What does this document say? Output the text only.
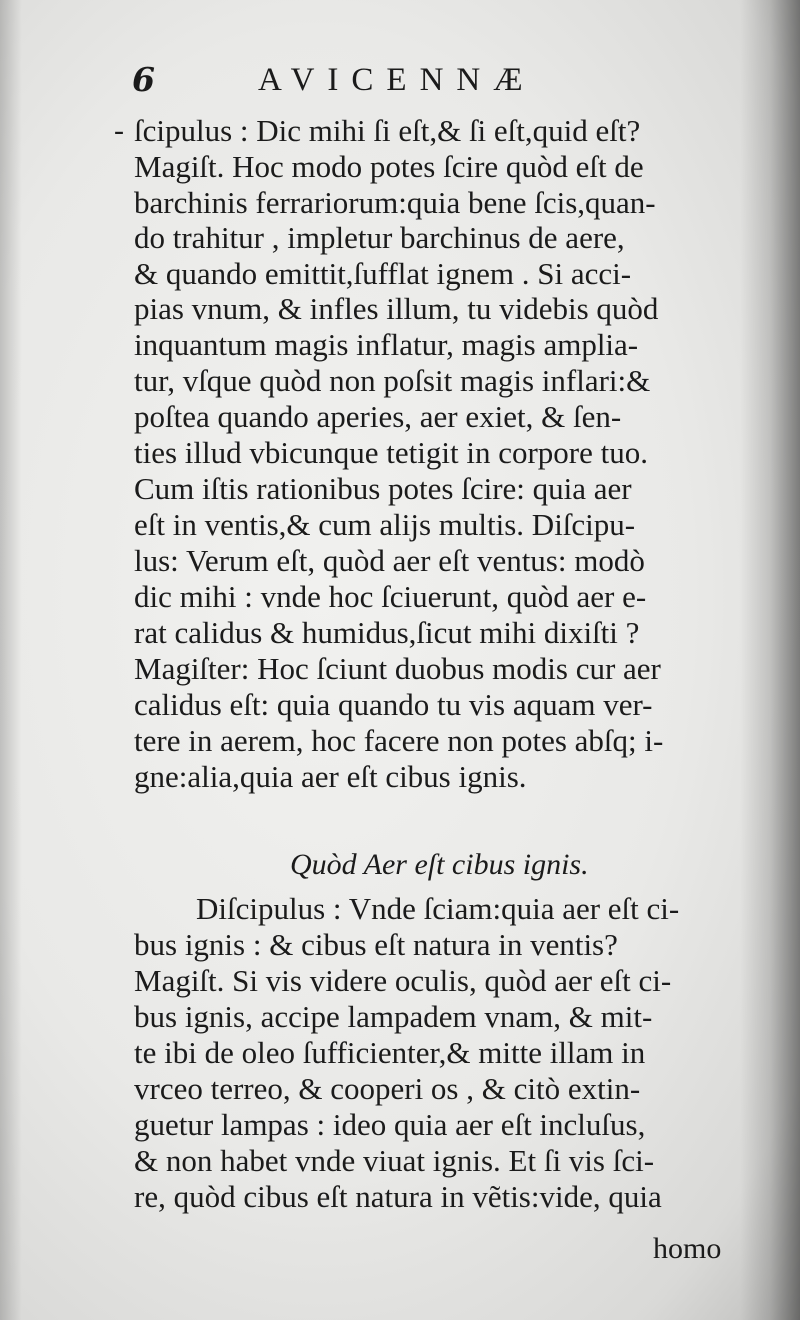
6	AVICENNÆ
- ſcipulus : Dic mihi ſi eſt,& ſi eſt,quid eſt?
Magiſt. Hoc modo potes ſcire quòd eſt de
barchinis ferrariorum:quia bene ſcis,quan-
do trahitur , impletur barchinus de aere,
& quando emittit,ſufflat ignem . Si acci-
pias vnum, & infles illum, tu videbis quòd
inquantum magis inflatur, magis amplia-
tur, vſque quòd non poſsit magis inflari:&
poſtea quando aperies, aer exiet, & ſen-
ties illud vbicunque tetigit in corpore tuo.
Cum iſtis rationibus potes ſcire: quia aer
eſt in ventis,& cum alijs multis. Diſcipu-
lus: Verum eſt, quòd aer eſt ventus: modò
dic mihi : vnde hoc ſciuerunt, quòd aer e-
rat calidus & humidus,ſicut mihi dixiſti ?
Magiſter: Hoc ſciunt duobus modis cur aer
calidus eſt: quia quando tu vis aquam ver-
tere in aerem, hoc facere non potes abſq; i-
gne:alia,quia aer eſt cibus ignis.
Quòd Aer eſt cibus ignis.
Diſcipulus : Vnde ſciam:quia aer eſt ci-
bus ignis : & cibus eſt natura in ventis?
Magiſt. Si vis videre oculis, quòd aer eſt ci-
bus ignis, accipe lampadem vnam, & mit-
te ibi de oleo ſufficienter,& mitte illam in
vrceo terreo, & cooperi os , & citò extin-
guetur lampas : ideo quia aer eſt incluſus,
& non habet vnde viuat ignis. Et ſi vis ſci-
re, quòd cibus eſt natura in vẽtis:vide, quia
homo
